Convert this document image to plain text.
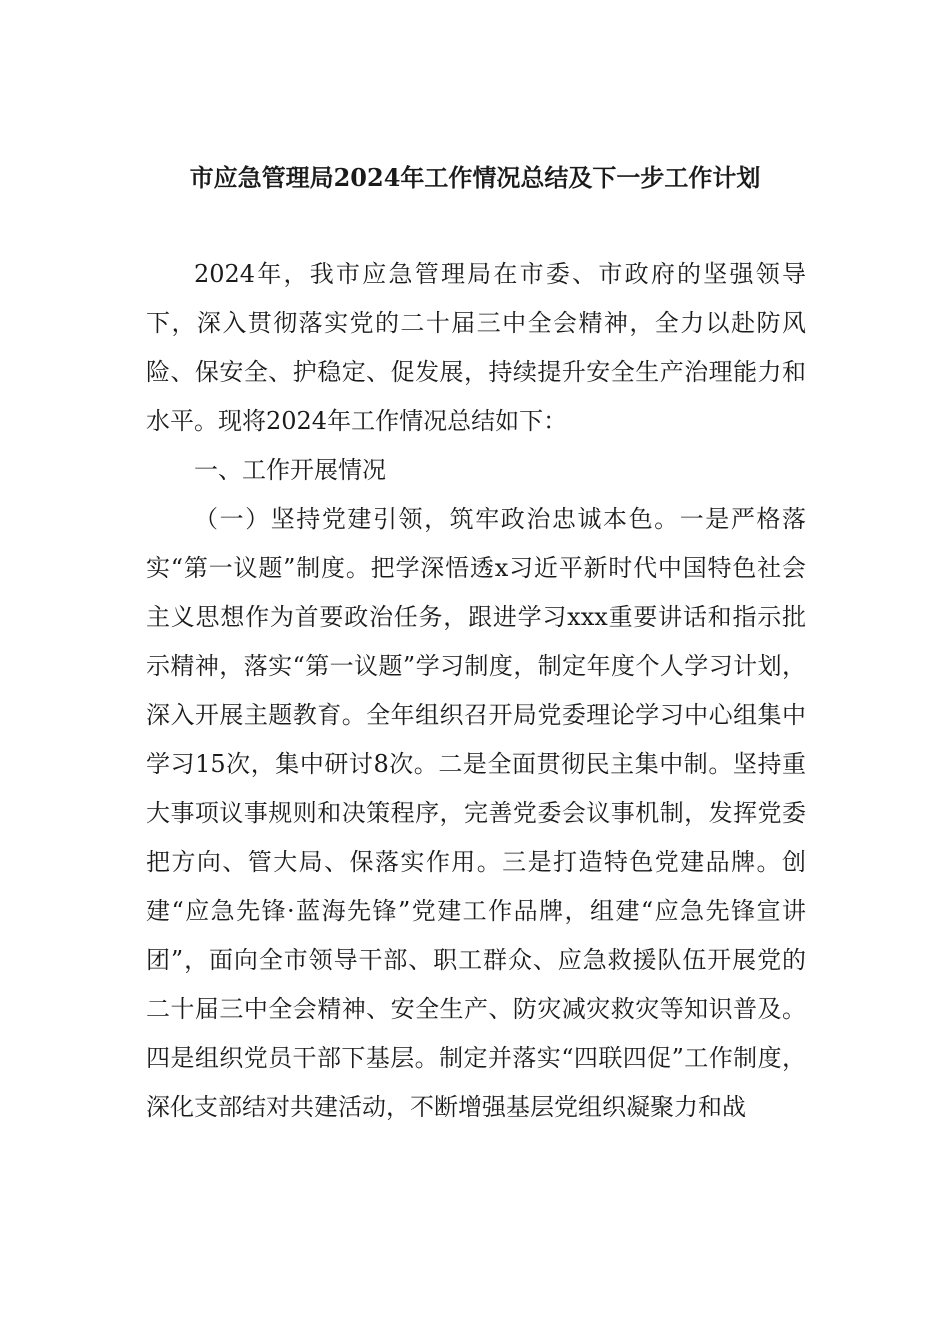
市应急管理局2024年工作情况总结及下一步工作计划

2024年，我市应急管理局在市委、市政府的坚强领导下，深入贯彻落实党的二十届三中全会精神，全力以赴防风险、保安全、护稳定、促发展，持续提升安全生产治理能力和水平。现将2024年工作情况总结如下：

一、工作开展情况

（一）坚持党建引领，筑牢政治忠诚本色。一是严格落实“第一议题”制度。把学深悟透x习近平新时代中国特色社会主义思想作为首要政治任务，跟进学习xxx重要讲话和指示批示精神，落实“第一议题”学习制度，制定年度个人学习计划，深入开展主题教育。全年组织召开局党委理论学习中心组集中学习15次，集中研讨8次。二是全面贯彻民主集中制。坚持重大事项议事规则和决策程序，完善党委会议事机制，发挥党委把方向、管大局、保落实作用。三是打造特色党建品牌。创建“应急先锋·蓝海先锋”党建工作品牌，组建“应急先锋宣讲团”，面向全市领导干部、职工群众、应急救援队伍开展党的二十届三中全会精神、安全生产、防灾减灾救灾等知识普及。四是组织党员干部下基层。制定并落实“四联四促”工作制度，深化支部结对共建活动，不断增强基层党组织凝聚力和战
